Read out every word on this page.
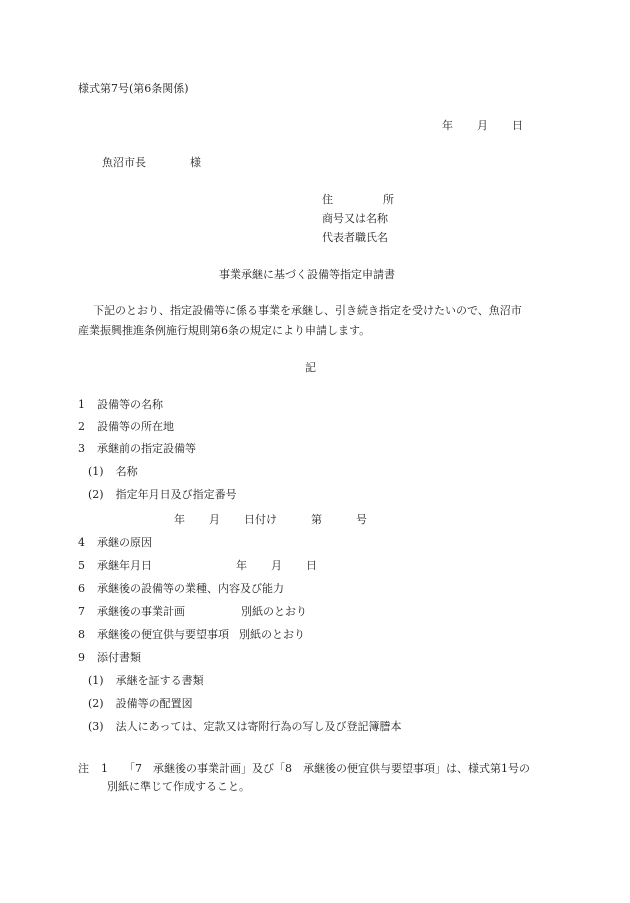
様式第7号(第6条関係)
年 月 日
魚沼市長	様
住	所
商号又は名称
代表者職氏名
事業承継に基づく設備等指定申請書
下記のとおり、指定設備等に係る事業を承継し、引き続き指定を受けたいので、魚沼市
産業振興推進条例施行規則第6条の規定により申請します。
記
1 設備等の名称
2 設備等の所在地
3 承継前の指定設備等
(1) 名称
(2) 指定年月日及び指定番号
年 月 日付け	第	号
4 承継の原因
5 承継年月日	年 月 日
6 承継後の設備等の業種、内容及び能力
7 承継後の事業計画	別紙のとおり
8 承継後の便宜供与要望事項 別紙のとおり
9 添付書類
(1) 承継を証する書類
(2) 設備等の配置図
(3) 法人にあっては、定款又は寄附行為の写し及び登記簿謄本
注 1 「7　承継後の事業計画」及び「8　承継後の便宜供与要望事項」は、様式第1号の
別紙に準じて作成すること。
